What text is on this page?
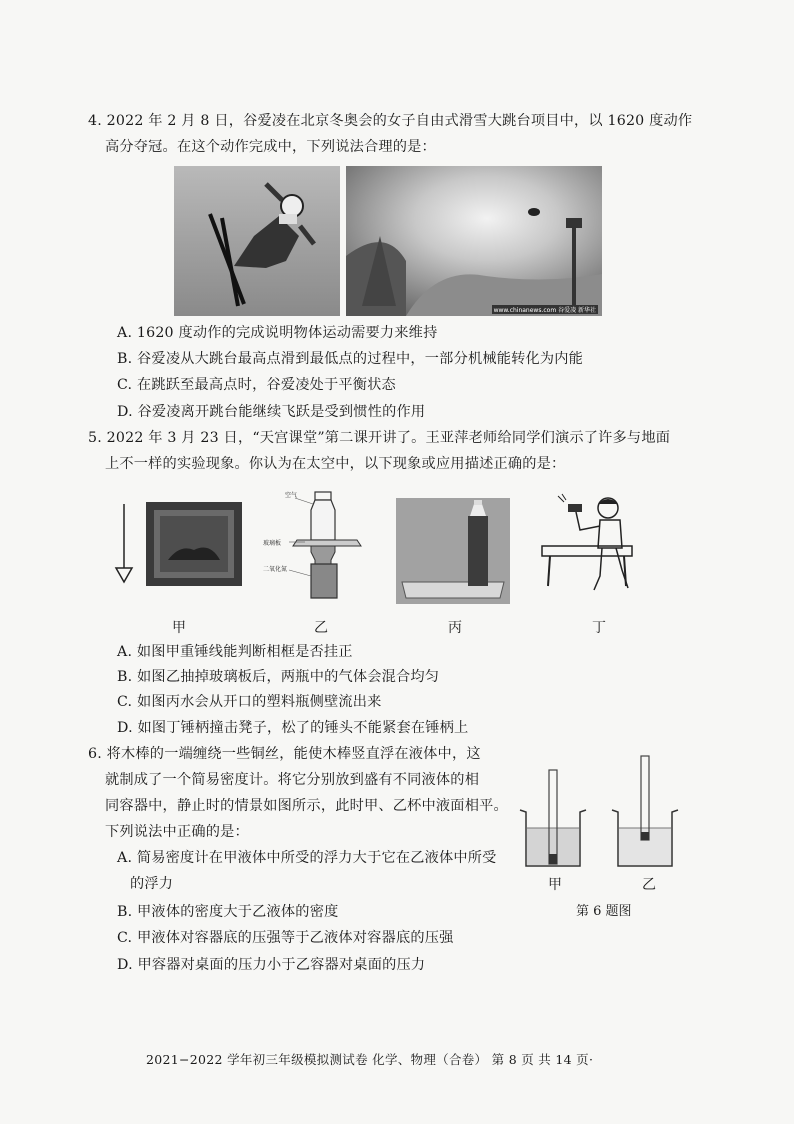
4. 2022 年 2 月 8 日，谷爱凌在北京冬奥会的女子自由式滑雪大跳台项目中，以 1620 度动作
高分夺冠。在这个动作完成中，下列说法合理的是：
www.chinanews.com 谷爱凌 新华社
A. 1620 度动作的完成说明物体运动需要力来维持
B. 谷爱凌从大跳台最高点滑到最低点的过程中，一部分机械能转化为内能
C. 在跳跃至最高点时，谷爱凌处于平衡状态
D. 谷爱凌离开跳台能继续飞跃是受到惯性的作用
5. 2022 年 3 月 23 日，“天宫课堂”第二课开讲了。王亚萍老师给同学们演示了许多与地面
上不一样的实验现象。你认为在太空中，以下现象或应用描述正确的是：
空气
玻璃板
二氧化氮
甲	乙	丙	丁
A. 如图甲重锤线能判断相框是否挂正
B. 如图乙抽掉玻璃板后，两瓶中的气体会混合均匀
C. 如图丙水会从开口的塑料瓶侧壁流出来
D. 如图丁锤柄撞击凳子，松了的锤头不能紧套在锤柄上
6. 将木棒的一端缠绕一些铜丝，能使木棒竖直浮在液体中，这
就制成了一个简易密度计。将它分别放到盛有不同液体的相
同容器中，静止时的情景如图所示，此时甲、乙杯中液面相平。
下列说法中正确的是：
A. 简易密度计在甲液体中所受的浮力大于它在乙液体中所受
的浮力
B. 甲液体的密度大于乙液体的密度
C. 甲液体对容器底的压强等于乙液体对容器底的压强
D. 甲容器对桌面的压力小于乙容器对桌面的压力
甲	乙
第 6 题图
2021−2022 学年初三年级模拟测试卷 化学、物理（合卷） 第 8 页 共 14 页·
